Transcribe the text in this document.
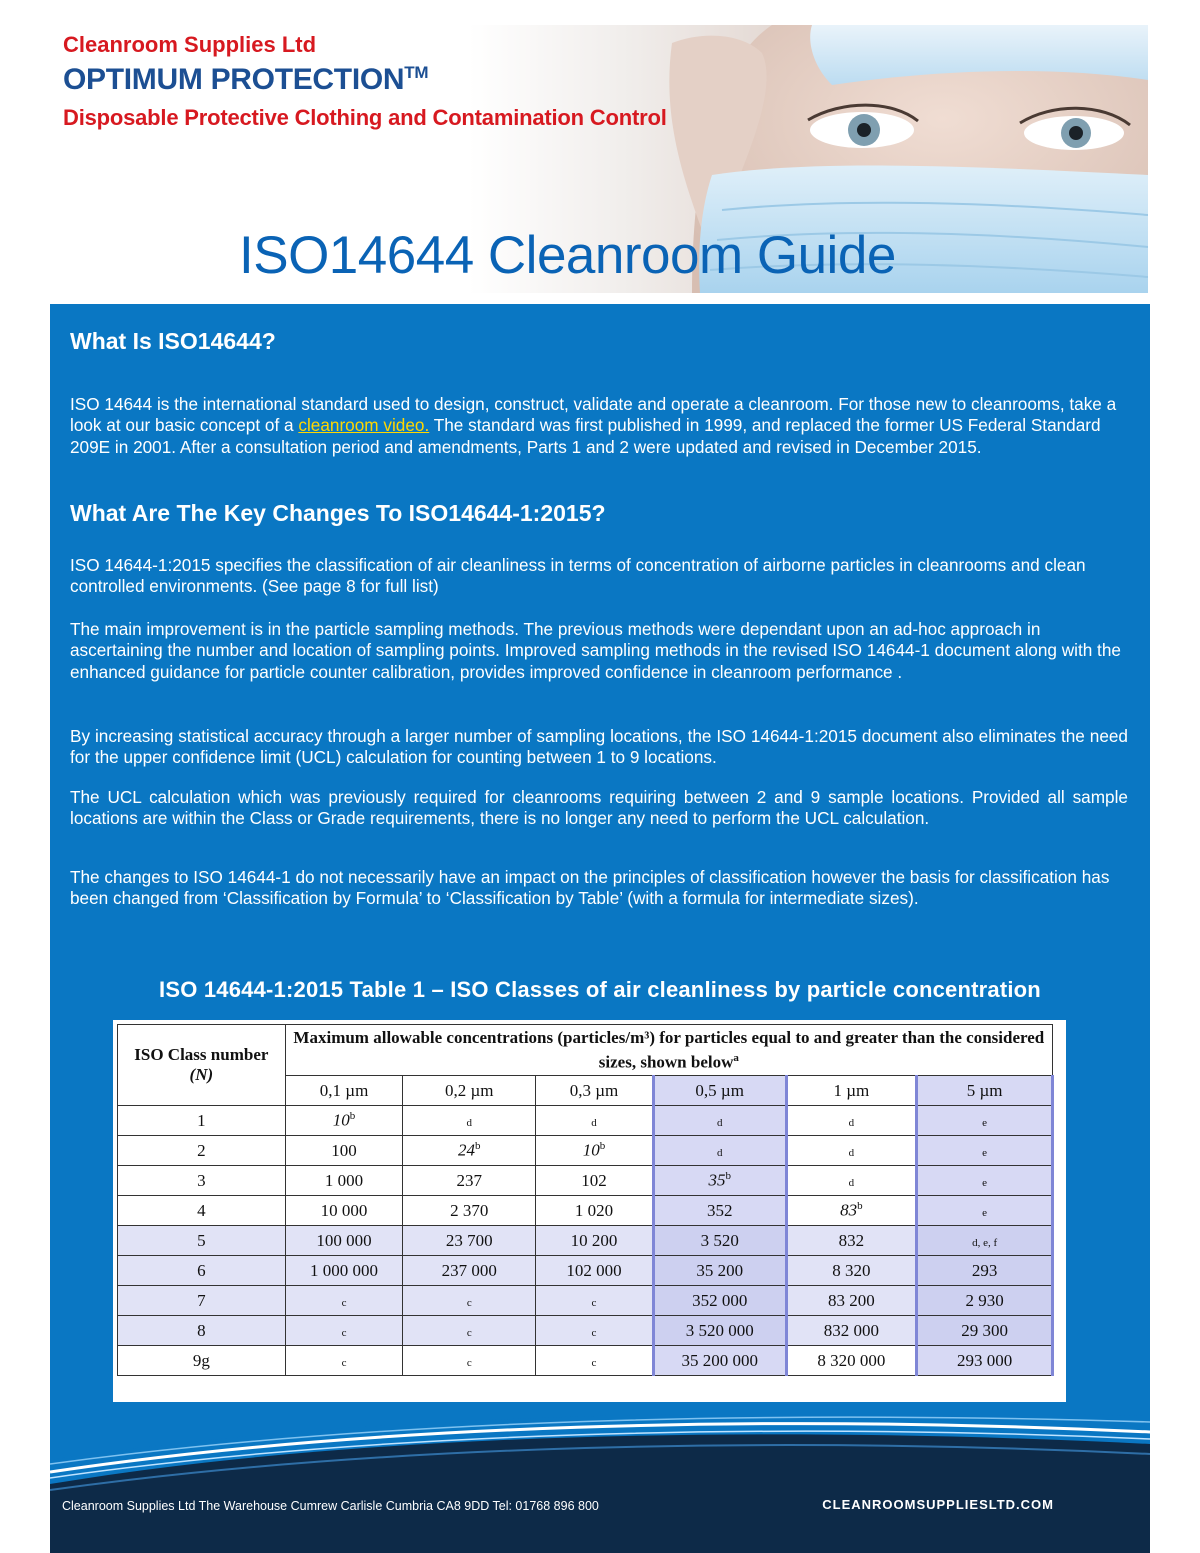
Cleanroom Supplies Ltd
OPTIMUM PROTECTION™
Disposable Protective Clothing and Contamination Control
ISO14644 Cleanroom Guide
What Is ISO14644?

ISO 14644 is the international standard used to design, construct, validate and operate a cleanroom. For those new to cleanrooms, take a look at our basic concept of a cleanroom video. The standard was first published in 1999, and replaced the former US Federal Standard 209E in 2001. After a consultation period and amendments, Parts 1 and 2 were updated and revised in December 2015.

What Are The Key Changes To ISO14644-1:2015?

ISO 14644-1:2015 specifies the classification of air cleanliness in terms of concentration of airborne particles in cleanrooms and clean controlled environments. (See page 8 for full list)

The main improvement is in the particle sampling methods. The previous methods were dependant upon an ad-hoc approach in ascertaining the number and location of sampling points. Improved sampling methods in the revised ISO 14644-1 document along with the enhanced guidance for particle counter calibration, provides improved confidence in cleanroom performance .

By increasing statistical accuracy through a larger number of sampling locations, the ISO 14644-1:2015 document also eliminates the need for the upper confidence limit (UCL) calculation for counting between 1 to 9 locations.

The UCL calculation which was previously required for cleanrooms requiring between 2 and 9 sample locations. Provided all sample locations are within the Class or Grade requirements, there is no longer any need to perform the UCL calculation.

The changes to ISO 14644-1 do not necessarily have an impact on the principles of classification however the basis for classification has been changed from ‘Classification by Formula’ to ‘Classification by Table’ (with a formula for intermediate sizes).

ISO 14644-1:2015 Table 1 – ISO Classes of air cleanliness by particle concentration
ISO Class number
(N)	Maximum allowable concentrations (particles/m³) for particles equal to and greater than the considered sizes, shown below$^a$
	0,1 µm	0,2 µm	0,3 µm	0,5 µm	1 µm	5 µm
1	10$^b$	d	d	d	d	e
2	100	24$^b$	10$^b$	d	d	e
3	1 000	237	102	35$^b$	d	e
4	10 000	2 370	1 020	352	83$^b$	e
5	100 000	23 700	10 200	3 520	832	d, e, f
6	1 000 000	237 000	102 000	35 200	8 320	293
7	c	c	c	352 000	83 200	2 930
8	c	c	c	3 520 000	832 000	29 300
9g	c	c	c	35 200 000	8 320 000	293 000
Cleanroom Supplies Ltd The Warehouse Cumrew Carlisle Cumbria CA8 9DD Tel: 01768 896 800	CLEANROOMSUPPLIESLTD.COM
